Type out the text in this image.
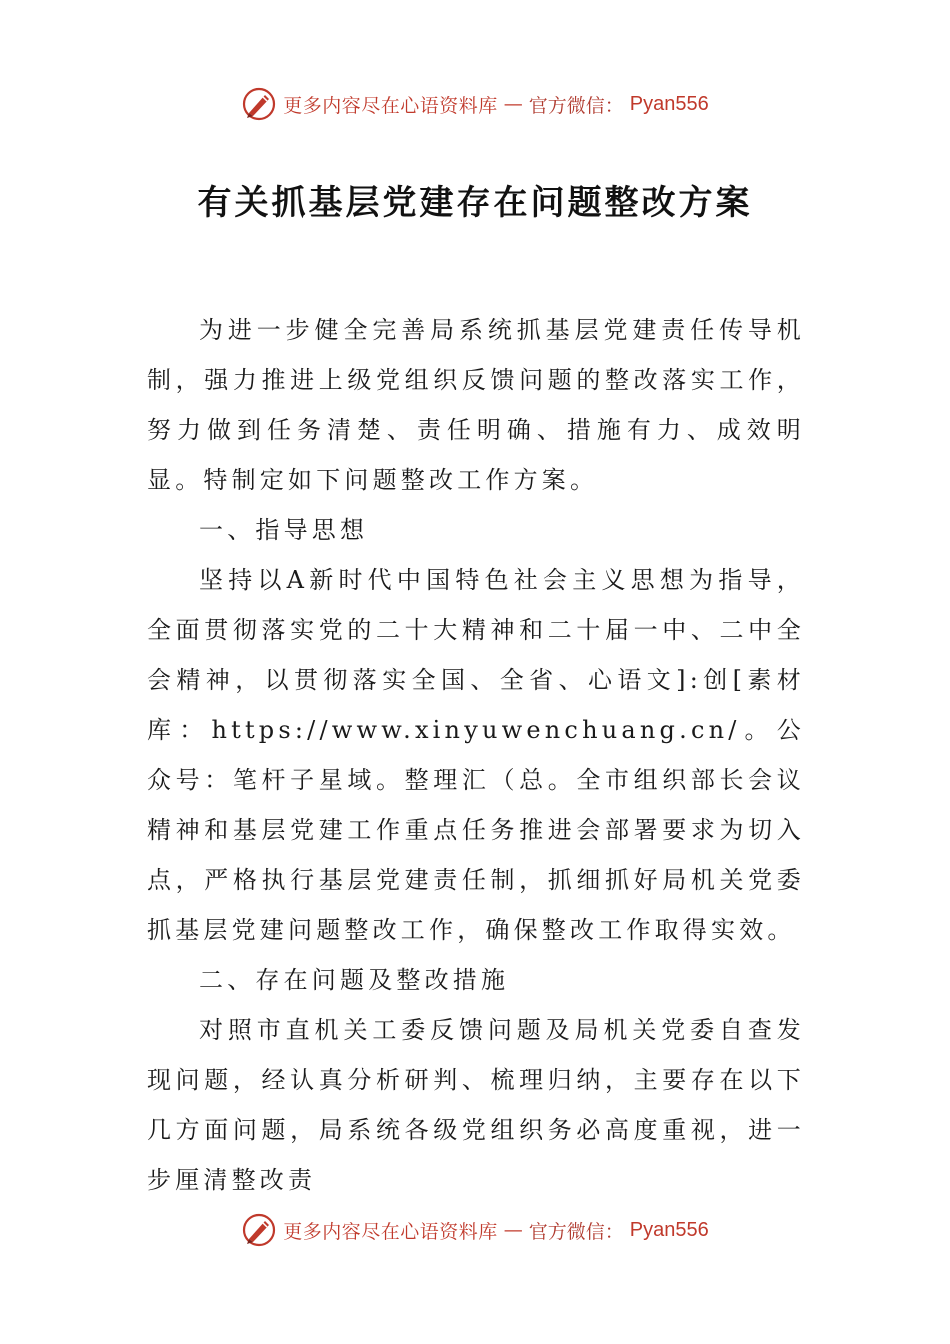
更多内容尽在心语资料库 — 官方微信： Pyan556
有关抓基层党建存在问题整改方案

为进一步健全完善局系统抓基层党建责任传导机制，强力推进上级党组织反馈问题的整改落实工作，努力做到任务清楚、责任明确、措施有力、成效明显。特制定如下问题整改工作方案。

一、指导思想

坚持以A新时代中国特色社会主义思想为指导，全面贯彻落实党的二十大精神和二十届一中、二中全会精神，以贯彻落实全国、全省、心语文]:创[素材库：https://www.xinyuwenchuang.cn/。公众号：笔杆子星域。整理汇（总。全市组织部长会议精神和基层党建工作重点任务推进会部署要求为切入点，严格执行基层党建责任制，抓细抓好局机关党委抓基层党建问题整改工作，确保整改工作取得实效。

二、存在问题及整改措施

对照市直机关工委反馈问题及局机关党委自查发现问题，经认真分析研判、梳理归纳，主要存在以下几方面问题，局系统各级党组织务必高度重视，进一步厘清整改责

更多内容尽在心语资料库 — 官方微信： Pyan556
